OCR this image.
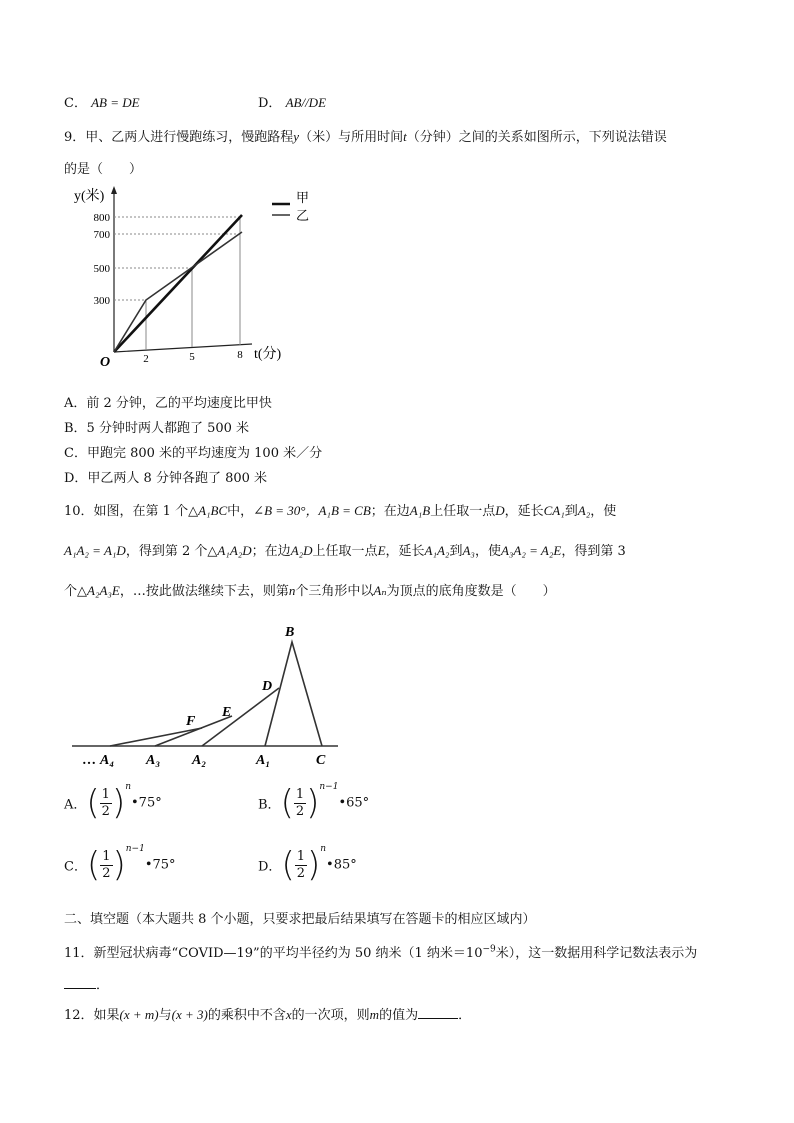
C． AB = DE	D． AB//DE
9．甲、乙两人进行慢跑练习，慢跑路程y（米）与所用时间t（分钟）之间的关系如图所示，下列说法错误
的是（　　）
800
700
500
300
2	5	8
O
y(米)
t(分)
甲
乙
A．前 2 分钟，乙的平均速度比甲快
B．5 分钟时两人都跑了 500 米
C．甲跑完 800 米的平均速度为 100 米／分
D．甲乙两人 8 分钟各跑了 800 米
10．如图，在第 1 个△A₁BC中，∠B = 30°，A₁B = CB；在边A₁B上任取一点D，延长CA₁到A₂，使
A₁A₂ = A₁D，得到第 2 个△A₁A₂D；在边A₂D上任取一点E，延长A₁A₂到A₃，使A₃A₂ = A₂E，得到第 3
个△A₂A₃E，…按此做法继续下去，则第n个三角形中以Aₙ为顶点的底角度数是（　　）
B
D
E
F
… A₄ A₃ A₂	A₁	C
A．( $\frac{1}{2}$ )$^n$•75°	B．( $\frac{1}{2}$ )$^{n-1}$•65°
C．( $\frac{1}{2}$ )$^{n-1}$•75°	D．( $\frac{1}{2}$ )$^n$•85°
二、填空题（本大题共 8 个小题，只要求把最后结果填写在答题卡的相应区域内）
11．新型冠状病毒“COVID—19”的平均半径约为 50 纳米（1 纳米$=10^{-9}$米），这一数据用科学记数法表示为
．
12．如果(x + m)与(x + 3)的乘积中不含x的一次项，则m的值为	．
